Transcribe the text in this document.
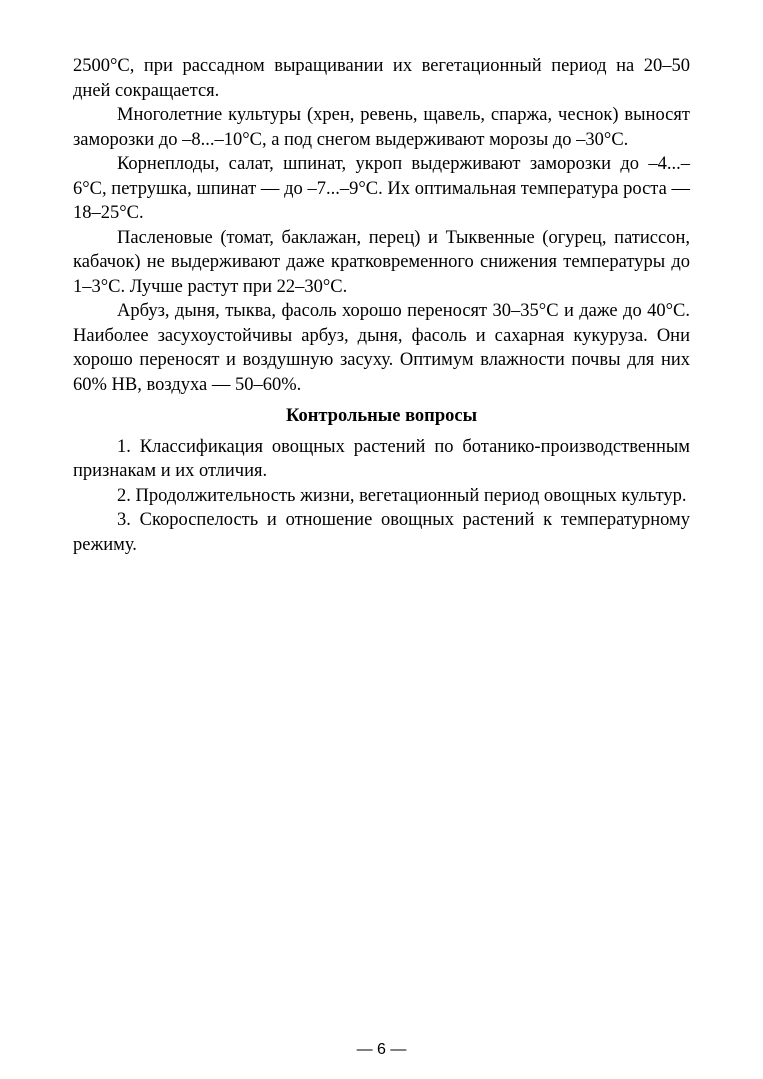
2500°С, при рассадном выращивании их вегетационный период на 20–50 дней сокращается.

Многолетние культуры (хрен, ревень, щавель, спаржа, чеснок) выносят заморозки до –8...–10°С, а под снегом выдерживают морозы до –30°С.

Корнеплоды, салат, шпинат, укроп выдерживают заморозки до –4...–6°С, петрушка, шпинат — до –7...–9°С. Их оптимальная температура роста — 18–25°С.

Пасленовые (томат, баклажан, перец) и Тыквенные (огурец, патиссон, кабачок) не выдерживают даже кратковременного снижения температуры до 1–3°С. Лучше растут при 22–30°С.

Арбуз, дыня, тыква, фасоль хорошо переносят 30–35°С и даже до 40°С. Наиболее засухоустойчивы арбуз, дыня, фасоль и сахарная кукуруза. Они хорошо переносят и воздушную засуху. Оптимум влажности почвы для них 60% НВ, воздуха — 50–60%.

Контрольные вопросы

1. Классификация овощных растений по ботанико-производственным признакам и их отличия.

2. Продолжительность жизни, вегетационный период овощных культур.

3. Скороспелость и отношение овощных растений к температурному режиму.

— 6 —
